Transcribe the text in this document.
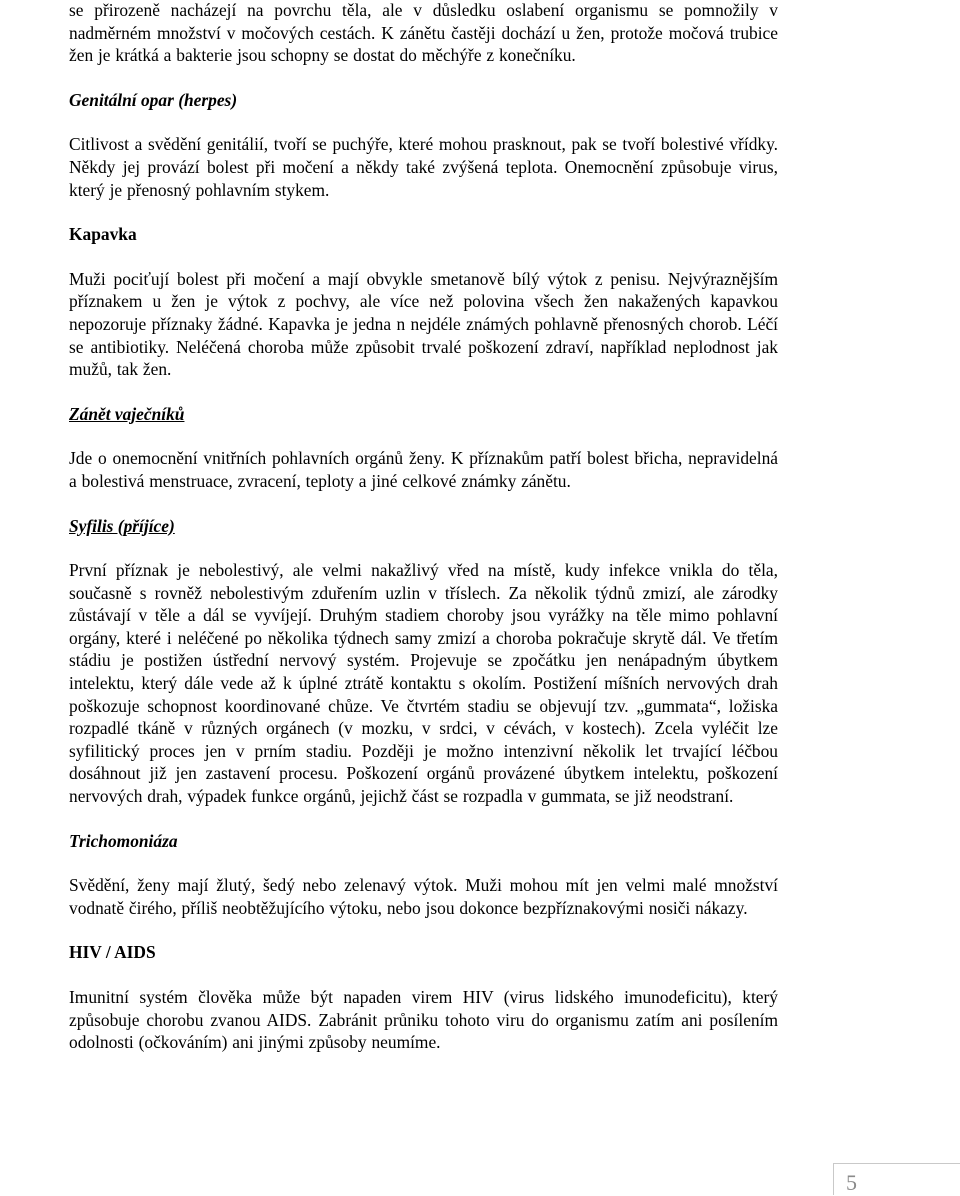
se přirozeně nacházejí na povrchu těla, ale v důsledku oslabení organismu se pomnožily v nadměrném množství v močových cestách. K zánětu častěji dochází u žen, protože močová trubice žen je krátká a bakterie jsou schopny se dostat do měchýře z konečníku.

Genitální opar (herpes)

Citlivost a svědění genitálií, tvoří se puchýře, které mohou prasknout, pak se tvoří bolestivé vřídky. Někdy jej provází bolest při močení a někdy také zvýšená teplota. Onemocnění způsobuje virus, který je přenosný pohlavním stykem.

Kapavka

Muži pociťují bolest při močení a mají obvykle smetanově bílý výtok z penisu. Nejvýraznějším příznakem u žen je výtok z pochvy, ale více než polovina všech žen nakažených kapavkou nepozoruje příznaky žádné. Kapavka je jedna n nejdéle známých pohlavně přenosných chorob. Léčí se antibiotiky. Neléčená choroba může způsobit trvalé poškození zdraví, například neplodnost jak mužů, tak žen.

Zánět vaječníků

Jde o onemocnění vnitřních pohlavních orgánů ženy. K příznakům patří bolest břicha, nepravidelná a bolestivá menstruace, zvracení, teploty a jiné celkové známky zánětu.

Syfilis (příjíce)

První příznak je nebolestivý, ale velmi nakažlivý vřed na místě, kudy infekce vnikla do těla, současně s rovněž nebolestivým zduřením uzlin v tříslech. Za několik týdnů zmizí, ale zárodky zůstávají v těle a dál se vyvíjejí. Druhým stadiem choroby jsou vyrážky na těle mimo pohlavní orgány, které i neléčené po několika týdnech samy zmizí a choroba pokračuje skrytě dál. Ve třetím stádiu je postižen ústřední nervový systém. Projevuje se zpočátku jen nenápadným úbytkem intelektu, který dále vede až k úplné ztrátě kontaktu s okolím. Postižení míšních nervových drah poškozuje schopnost koordinované chůze. Ve čtvrtém stadiu se objevují tzv. „gummata“, ložiska rozpadlé tkáně v různých orgánech (v mozku, v srdci, v cévách, v kostech). Zcela vyléčit lze syfilitický proces jen v prním stadiu. Později je možno intenzivní několik let trvající léčbou dosáhnout již jen zastavení procesu. Poškození orgánů provázené úbytkem intelektu, poškození nervových drah, výpadek funkce orgánů, jejichž část se rozpadla v gummata, se již neodstraní.

Trichomoniáza

Svědění, ženy mají žlutý, šedý nebo zelenavý výtok. Muži mohou mít jen velmi malé množství vodnatě čirého, příliš neobtěžujícího výtoku, nebo jsou dokonce bezpříznakovými nosiči nákazy.

HIV / AIDS

Imunitní systém člověka může být napaden virem HIV (virus lidského imunodeficitu), který způsobuje chorobu zvanou AIDS. Zabránit průniku tohoto viru do organismu zatím ani posílením odolnosti (očkováním) ani jinými způsoby neumíme.

5
